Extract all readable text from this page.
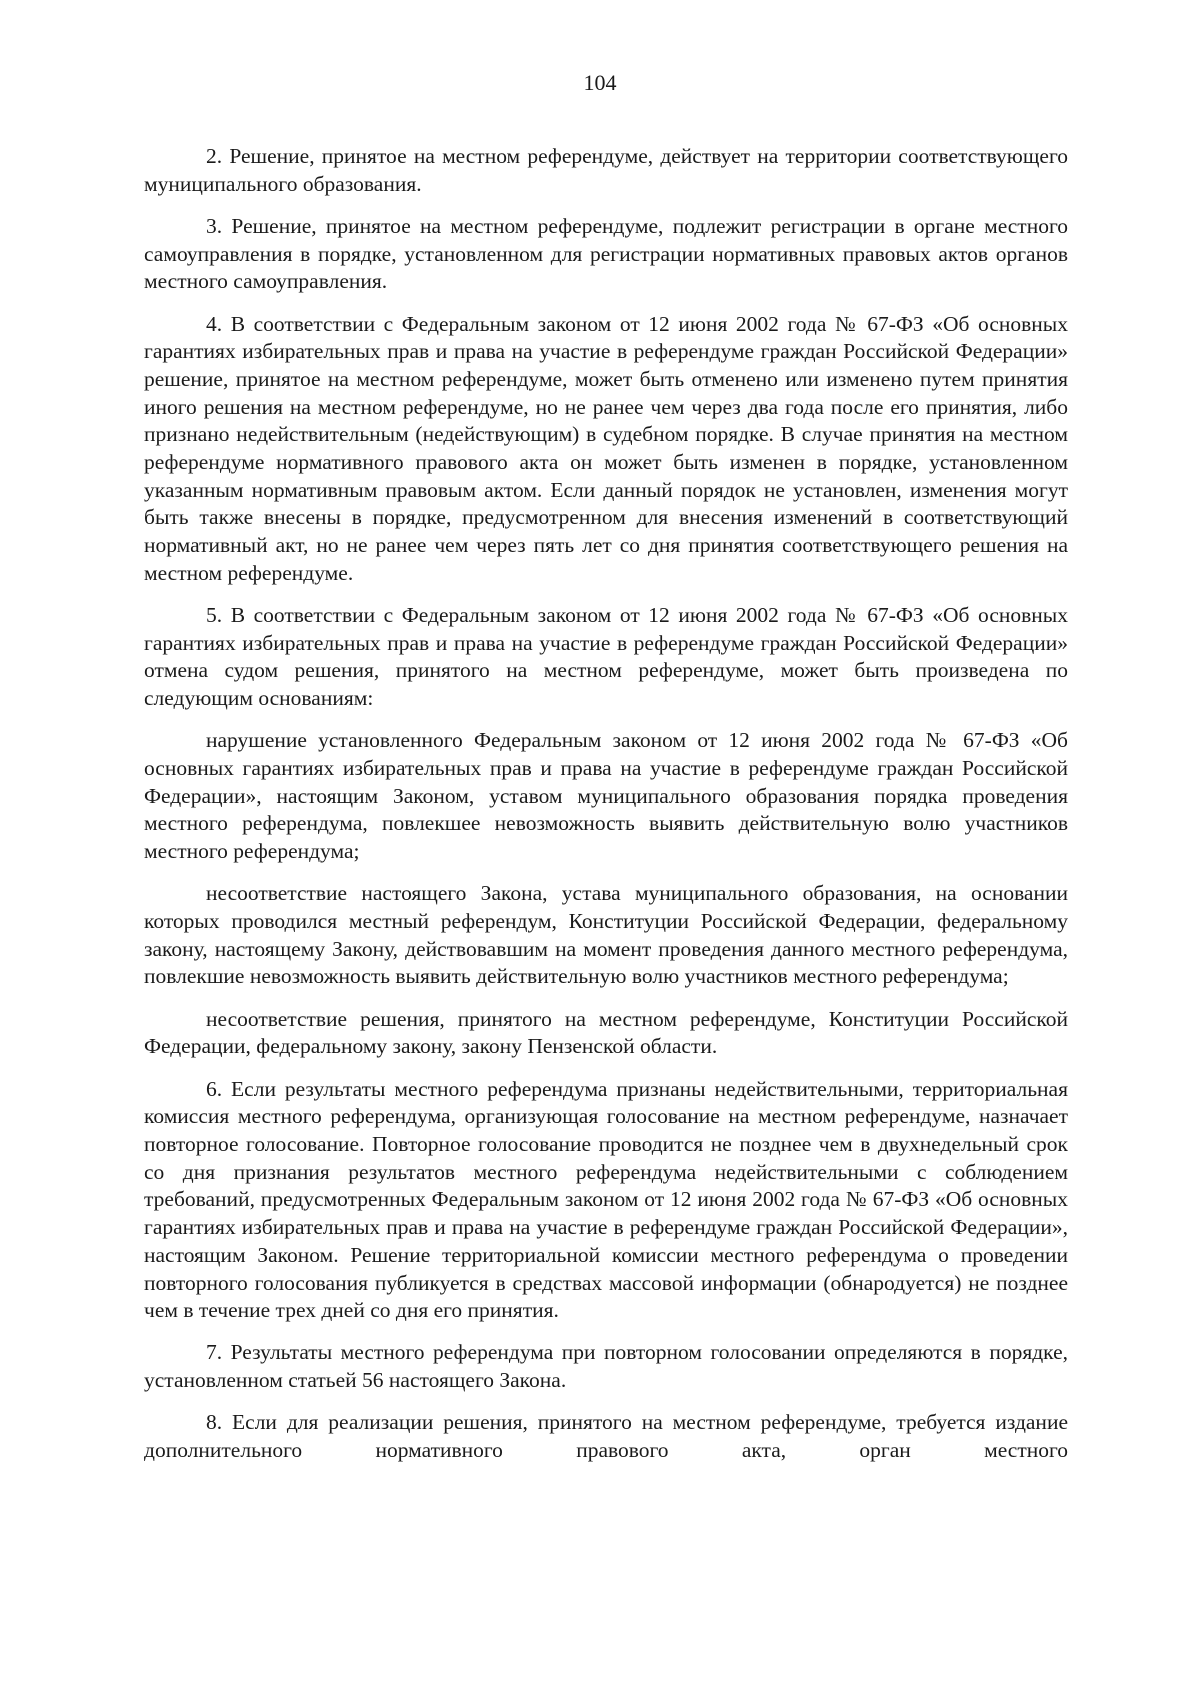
104

2. Решение, принятое на местном референдуме, действует на территории соответствующего муниципального образования.

3. Решение, принятое на местном референдуме, подлежит регистрации в органе местного самоуправления в порядке, установленном для регистрации нормативных правовых актов органов местного самоуправления.

4. В соответствии с Федеральным законом от 12 июня 2002 года № 67-ФЗ «Об основных гарантиях избирательных прав и права на участие в референдуме граждан Российской Федерации» решение, принятое на местном референдуме, может быть отменено или изменено путем принятия иного решения на местном референдуме, но не ранее чем через два года после его принятия, либо признано недействительным (недействующим) в судебном порядке. В случае принятия на местном референдуме нормативного правового акта он может быть изменен в порядке, установленном указанным нормативным правовым актом. Если данный порядок не установлен, изменения могут быть также внесены в порядке, предусмотренном для внесения изменений в соответствующий нормативный акт, но не ранее чем через пять лет со дня принятия соответствующего решения на местном референдуме.

5. В соответствии с Федеральным законом от 12 июня 2002 года № 67-ФЗ «Об основных гарантиях избирательных прав и права на участие в референдуме граждан Российской Федерации» отмена судом решения, принятого на местном референдуме, может быть произведена по следующим основаниям:

нарушение установленного Федеральным законом от 12 июня 2002 года № 67-ФЗ «Об основных гарантиях избирательных прав и права на участие в референдуме граждан Российской Федерации», настоящим Законом, уставом муниципального образования порядка проведения местного референдума, повлекшее невозможность выявить действительную волю участников местного референдума;

несоответствие настоящего Закона, устава муниципального образования, на основании которых проводился местный референдум, Конституции Российской Федерации, федеральному закону, настоящему Закону, действовавшим на момент проведения данного местного референдума, повлекшие невозможность выявить действительную волю участников местного референдума;

несоответствие решения, принятого на местном референдуме, Конституции Российской Федерации, федеральному закону, закону Пензенской области.

6. Если результаты местного референдума признаны недействительными, территориальная комиссия местного референдума, организующая голосование на местном референдуме, назначает повторное голосование. Повторное голосование проводится не позднее чем в двухнедельный срок со дня признания результатов местного референдума недействительными с соблюдением требований, предусмотренных Федеральным законом от 12 июня 2002 года № 67-ФЗ «Об основных гарантиях избирательных прав и права на участие в референдуме граждан Российской Федерации», настоящим Законом. Решение территориальной комиссии местного референдума о проведении повторного голосования публикуется в средствах массовой информации (обнародуется) не позднее чем в течение трех дней со дня его принятия.

7. Результаты местного референдума при повторном голосовании определяются в порядке, установленном статьей 56 настоящего Закона.

8. Если для реализации решения, принятого на местном референдуме, требуется издание дополнительного нормативного правового акта, орган местного
